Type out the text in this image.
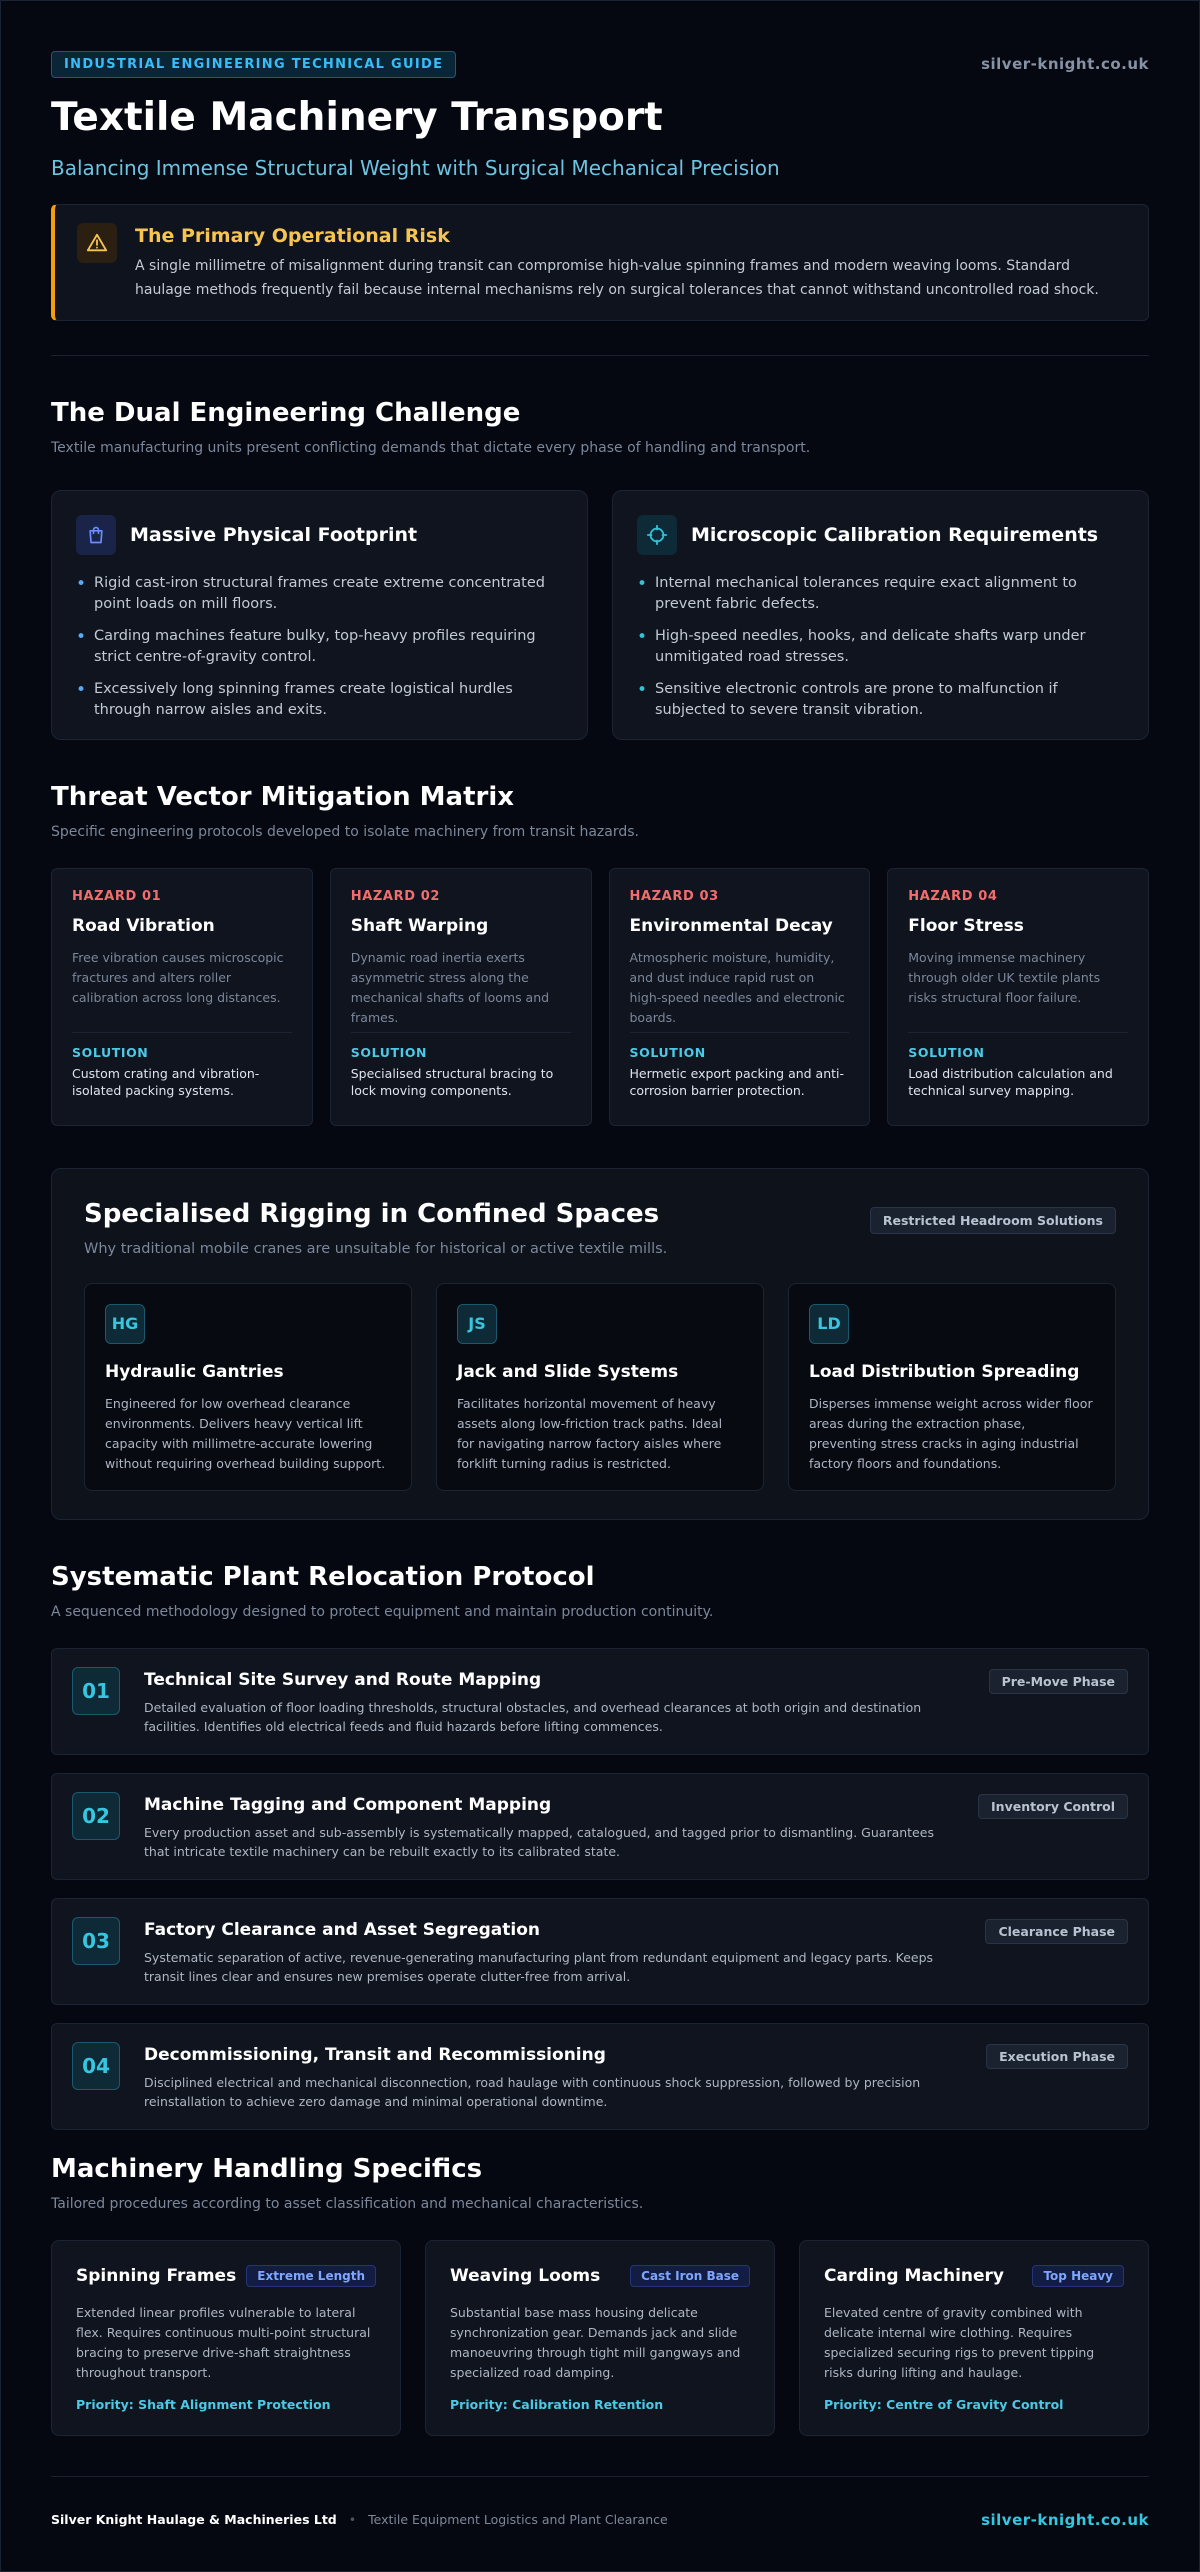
INDUSTRIAL ENGINEERING TECHNICAL GUIDE	silver-knight.co.uk
Textile Machinery Transport
Balancing Immense Structural Weight with Surgical Mechanical Precision
The Primary Operational Risk
A single millimetre of misalignment during transit can compromise high-value spinning frames and modern weaving looms. Standard haulage methods frequently fail because internal mechanisms rely on surgical tolerances that cannot withstand uncontrolled road shock.
The Dual Engineering Challenge
Textile manufacturing units present conflicting demands that dictate every phase of handling and transport.
Massive Physical Footprint
• Rigid cast-iron structural frames create extreme concentrated point loads on mill floors.
• Carding machines feature bulky, top-heavy profiles requiring strict centre-of-gravity control.
• Excessively long spinning frames create logistical hurdles through narrow aisles and exits.
Microscopic Calibration Requirements
• Internal mechanical tolerances require exact alignment to prevent fabric defects.
• High-speed needles, hooks, and delicate shafts warp under unmitigated road stresses.
• Sensitive electronic controls are prone to malfunction if subjected to severe transit vibration.
Threat Vector Mitigation Matrix
Specific engineering protocols developed to isolate machinery from transit hazards.
HAZARD 01
Road Vibration
Free vibration causes microscopic fractures and alters roller calibration across long distances.
SOLUTION
Custom crating and vibration-isolated packing systems.
HAZARD 02
Shaft Warping
Dynamic road inertia exerts asymmetric stress along the mechanical shafts of looms and frames.
SOLUTION
Specialised structural bracing to lock moving components.
HAZARD 03
Environmental Decay
Atmospheric moisture, humidity, and dust induce rapid rust on high-speed needles and electronic boards.
SOLUTION
Hermetic export packing and anti-corrosion barrier protection.
HAZARD 04
Floor Stress
Moving immense machinery through older UK textile plants risks structural floor failure.
SOLUTION
Load distribution calculation and technical survey mapping.
Specialised Rigging in Confined Spaces
Why traditional mobile cranes are unsuitable for historical or active textile mills.
Restricted Headroom Solutions
HG
Hydraulic Gantries
Engineered for low overhead clearance environments. Delivers heavy vertical lift capacity with millimetre-accurate lowering without requiring overhead building support.
JS
Jack and Slide Systems
Facilitates horizontal movement of heavy assets along low-friction track paths. Ideal for navigating narrow factory aisles where forklift turning radius is restricted.
LD
Load Distribution Spreading
Disperses immense weight across wider floor areas during the extraction phase, preventing stress cracks in aging industrial factory floors and foundations.
Systematic Plant Relocation Protocol
A sequenced methodology designed to protect equipment and maintain production continuity.
01	Technical Site Survey and Route Mapping
Detailed evaluation of floor loading thresholds, structural obstacles, and overhead clearances at both origin and destination facilities. Identifies old electrical feeds and fluid hazards before lifting commences.
Pre-Move Phase
02	Machine Tagging and Component Mapping
Every production asset and sub-assembly is systematically mapped, catalogued, and tagged prior to dismantling. Guarantees that intricate textile machinery can be rebuilt exactly to its calibrated state.
Inventory Control
03	Factory Clearance and Asset Segregation
Systematic separation of active, revenue-generating manufacturing plant from redundant equipment and legacy parts. Keeps transit lines clear and ensures new premises operate clutter-free from arrival.
Clearance Phase
04	Decommissioning, Transit and Recommissioning
Disciplined electrical and mechanical disconnection, road haulage with continuous shock suppression, followed by precision reinstallation to achieve zero damage and minimal operational downtime.
Execution Phase
Machinery Handling Specifics
Tailored procedures according to asset classification and mechanical characteristics.
Spinning Frames	Extreme Length
Extended linear profiles vulnerable to lateral flex. Requires continuous multi-point structural bracing to preserve drive-shaft straightness throughout transport.
Priority: Shaft Alignment Protection
Weaving Looms	Cast Iron Base
Substantial base mass housing delicate synchronization gear. Demands jack and slide manoeuvring through tight mill gangways and specialized road damping.
Priority: Calibration Retention
Carding Machinery	Top Heavy
Elevated centre of gravity combined with delicate internal wire clothing. Requires specialized securing rigs to prevent tipping risks during lifting and haulage.
Priority: Centre of Gravity Control
Silver Knight Haulage & Machineries Ltd • Textile Equipment Logistics and Plant Clearance	silver-knight.co.uk
